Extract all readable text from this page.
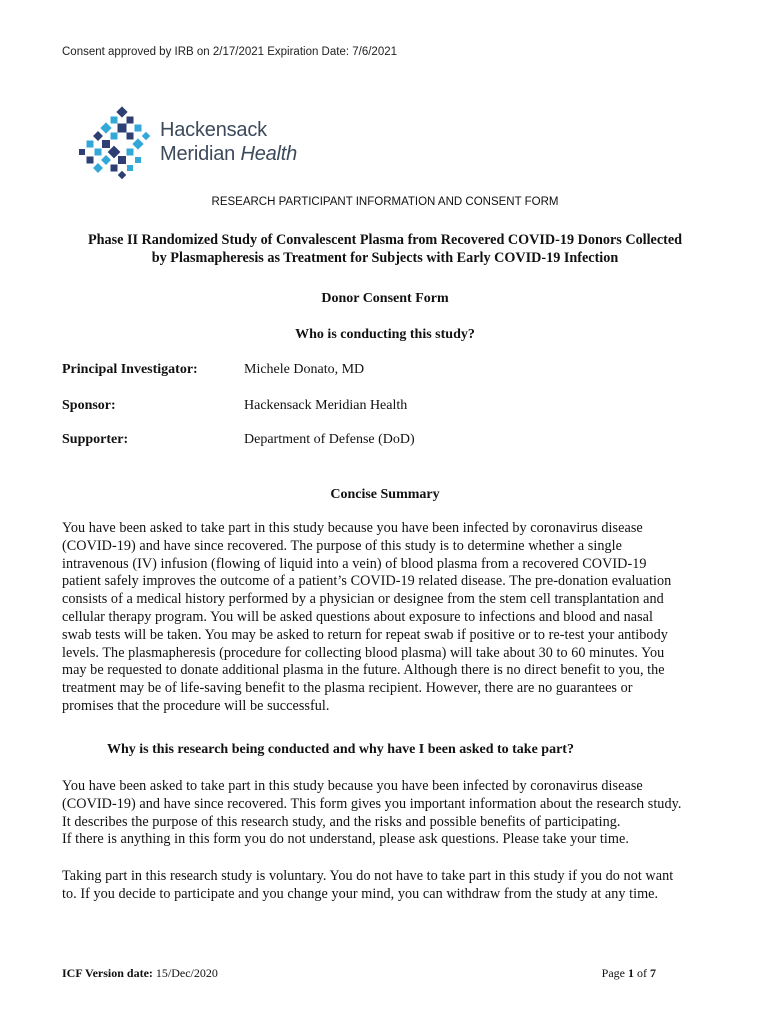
Consent approved by IRB on 2/17/2021 Expiration Date: 7/6/2021
Hackensack
Meridian Health
RESEARCH PARTICIPANT INFORMATION AND CONSENT FORM
Phase II Randomized Study of Convalescent Plasma from Recovered COVID-19 Donors Collected
by Plasmapheresis as Treatment for Subjects with Early COVID-19 Infection
Donor Consent Form
Who is conducting this study?
Principal Investigator:	Michele Donato, MD
Sponsor:	Hackensack Meridian Health
Supporter:	Department of Defense (DoD)
Concise Summary
You have been asked to take part in this study because you have been infected by coronavirus disease
(COVID-19) and have since recovered. The purpose of this study is to determine whether a single
intravenous (IV) infusion (flowing of liquid into a vein) of blood plasma from a recovered COVID-19
patient safely improves the outcome of a patient’s COVID-19 related disease. The pre-donation evaluation
consists of a medical history performed by a physician or designee from the stem cell transplantation and
cellular therapy program. You will be asked questions about exposure to infections and blood and nasal
swab tests will be taken. You may be asked to return for repeat swab if positive or to re-test your antibody
levels. The plasmapheresis (procedure for collecting blood plasma) will take about 30 to 60 minutes. You
may be requested to donate additional plasma in the future. Although there is no direct benefit to you, the
treatment may be of life-saving benefit to the plasma recipient. However, there are no guarantees or
promises that the procedure will be successful.
Why is this research being conducted and why have I been asked to take part?
You have been asked to take part in this study because you have been infected by coronavirus disease
(COVID-19) and have since recovered. This form gives you important information about the research study.
It describes the purpose of this research study, and the risks and possible benefits of participating.
If there is anything in this form you do not understand, please ask questions. Please take your time.
Taking part in this research study is voluntary. You do not have to take part in this study if you do not want
to. If you decide to participate and you change your mind, you can withdraw from the study at any time.
ICF Version date: 15/Dec/2020	Page 1 of 7
